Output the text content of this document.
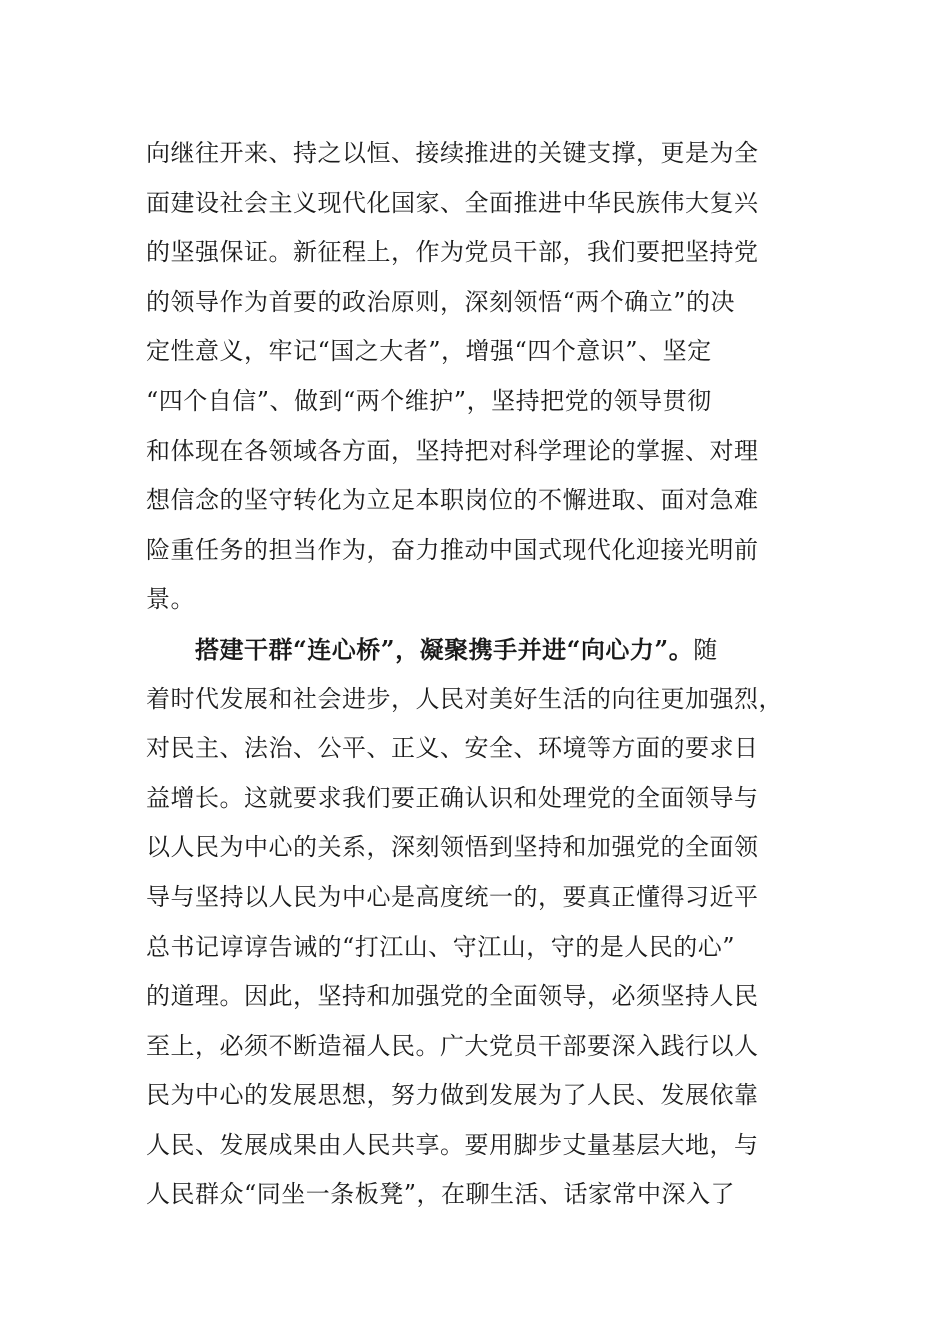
向继往开来、持之以恒、接续推进的关键支撑，更是为全
面建设社会主义现代化国家、全面推进中华民族伟大复兴
的坚强保证。新征程上，作为党员干部，我们要把坚持党
的领导作为首要的政治原则，深刻领悟“两个确立”的决
定性意义，牢记“国之大者”，增强“四个意识”、坚定
“四个自信”、做到“两个维护”，坚持把党的领导贯彻
和体现在各领域各方面，坚持把对科学理论的掌握、对理
想信念的坚守转化为立足本职岗位的不懈进取、面对急难
险重任务的担当作为，奋力推动中国式现代化迎接光明前
景。
搭建干群“连心桥”，凝聚携手并进“向心力”。随
着时代发展和社会进步，人民对美好生活的向往更加强烈，
对民主、法治、公平、正义、安全、环境等方面的要求日
益增长。这就要求我们要正确认识和处理党的全面领导与
以人民为中心的关系，深刻领悟到坚持和加强党的全面领
导与坚持以人民为中心是高度统一的，要真正懂得习近平
总书记谆谆告诫的“打江山、守江山，守的是人民的心”
的道理。因此，坚持和加强党的全面领导，必须坚持人民
至上，必须不断造福人民。广大党员干部要深入践行以人
民为中心的发展思想，努力做到发展为了人民、发展依靠
人民、发展成果由人民共享。要用脚步丈量基层大地，与
人民群众“同坐一条板凳”，在聊生活、话家常中深入了
